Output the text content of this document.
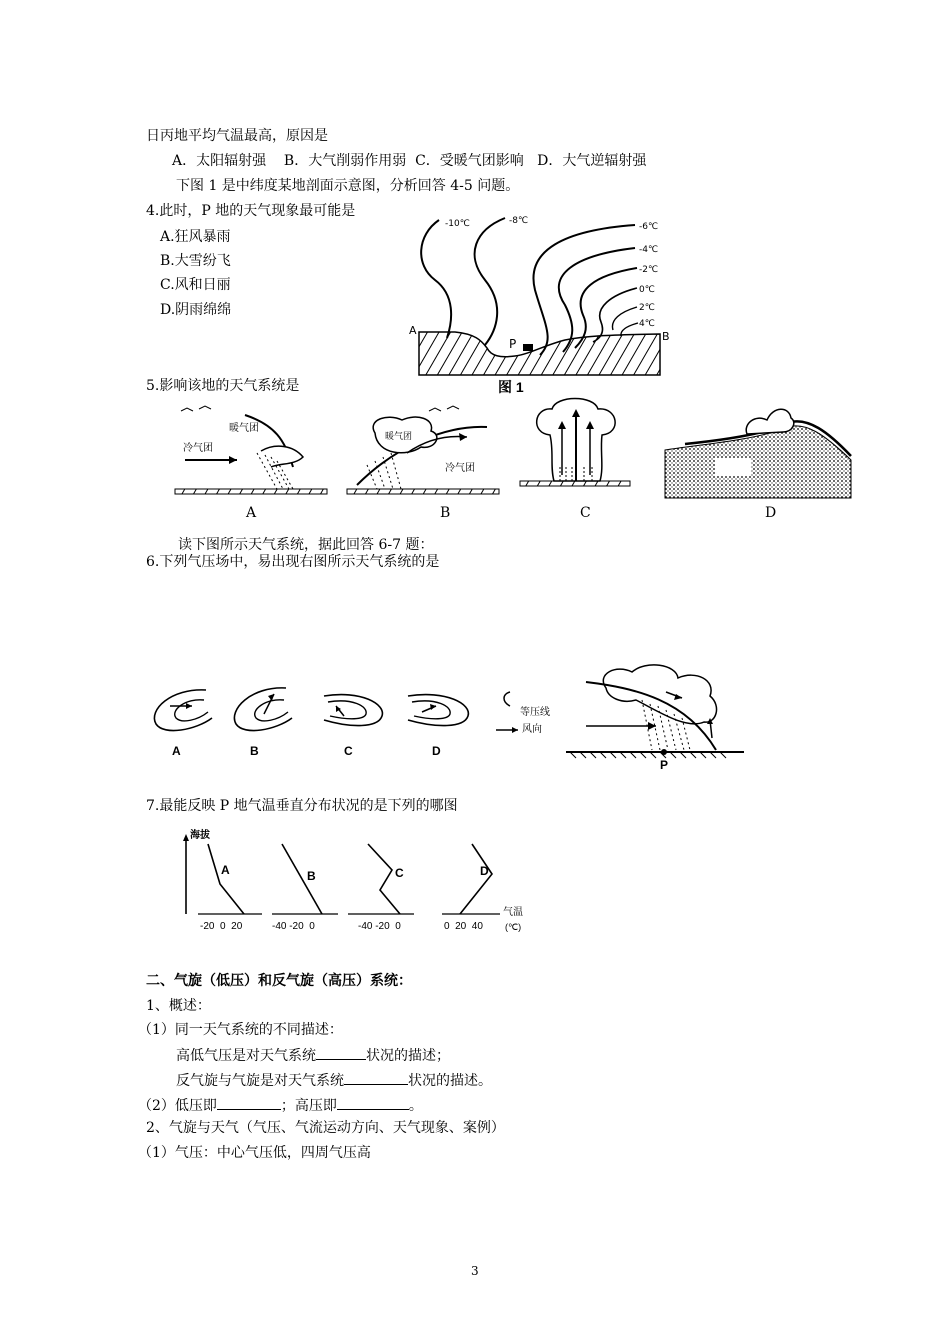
日丙地平均气温最高，原因是
A．太阳辐射强    B．大气削弱作用弱  C．受暖气团影响   D．大气逆辐射强
下图 1 是中纬度某地剖面示意图，分析回答 4-5 问题。
4.此时，P 地的天气现象最可能是
A.狂风暴雨
B.大雪纷飞
C.风和日丽
D.阴雨绵绵
-10℃	-8℃
-6℃
-4℃
-2℃
0℃
2℃
4℃
A	B
P
图 1
5.影响该地的天气系统是
暖气团
冷气团
暖气团
冷气团
A	B	C	D
读下图所示天气系统，据此回答 6-7 题：
6.下列气压场中，易出现右图所示天气系统的是
等压线
风向
A	B	C	D
P
7.最能反映 P 地气温垂直分布状况的是下列的哪图
海拔
A	B	C	D
-20  0  20	-40 -20  0	-40 -20  0	0  20  40
气温
(℃)
二、气旋（低压）和反气旋（高压）系统：
1、概述：
（1）同一天气系统的不同描述：
高低气压是对天气系统	状况的描述；
反气旋与气旋是对天气系统	状况的描述。
（2）低压即	；高压即	。
2、气旋与天气（气压、气流运动方向、天气现象、案例）
（1）气压：中心气压低，四周气压高
3
